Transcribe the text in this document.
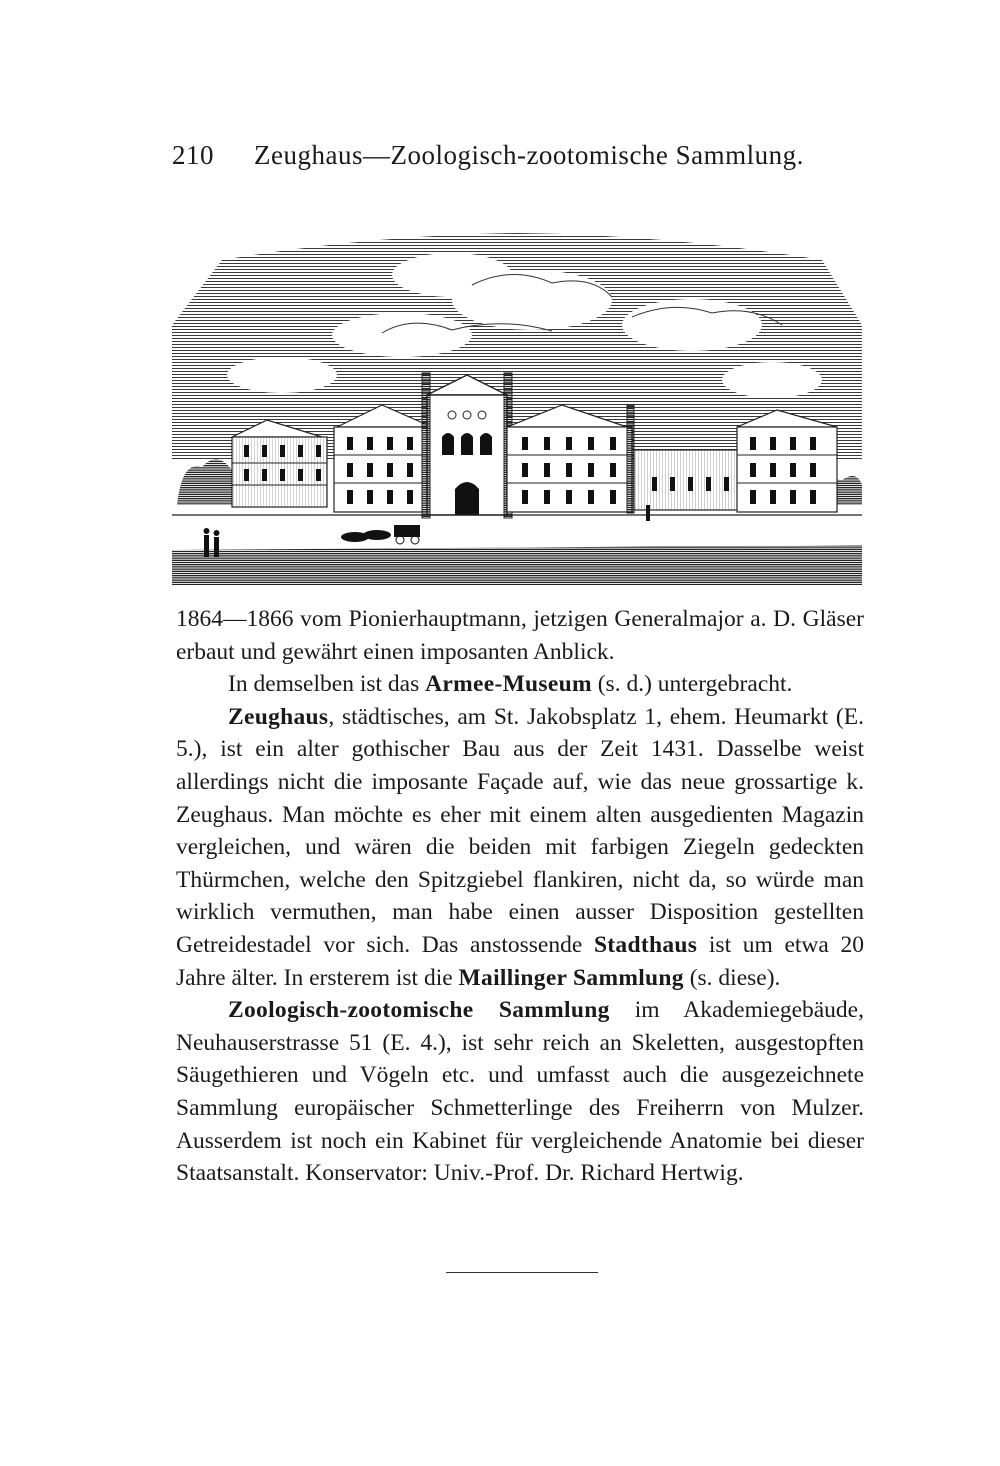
210 Zeughaus—Zoologisch-zootomische Sammlung.

1864—1866 vom Pionierhauptmann, jetzigen Generalmajor a. D. Gläser erbaut und gewährt einen imposanten Anblick.

In demselben ist das Armee-Museum (s. d.) untergebracht.

Zeughaus, städtisches, am St. Jakobsplatz 1, ehem. Heumarkt (E. 5.), ist ein alter gothischer Bau aus der Zeit 1431. Dasselbe weist allerdings nicht die imposante Façade auf, wie das neue grossartige k. Zeughaus. Man möchte es eher mit einem alten ausgedienten Magazin vergleichen, und wären die beiden mit farbigen Ziegeln gedeckten Thürmchen, welche den Spitzgiebel flankiren, nicht da, so würde man wirklich vermuthen, man habe einen ausser Disposition gestellten Getreidestadel vor sich. Das anstossende Stadthaus ist um etwa 20 Jahre älter. In ersterem ist die Maillinger Sammlung (s. diese).

Zoologisch-zootomische Sammlung im Akademiegebäude, Neuhauserstrasse 51 (E. 4.), ist sehr reich an Skeletten, ausgestopften Säugethieren und Vögeln etc. und umfasst auch die ausgezeichnete Sammlung europäischer Schmetterlinge des Freiherrn von Mulzer. Ausserdem ist noch ein Kabinet für vergleichende Anatomie bei dieser Staatsanstalt. Konservator: Univ.-Prof. Dr. Richard Hertwig.
